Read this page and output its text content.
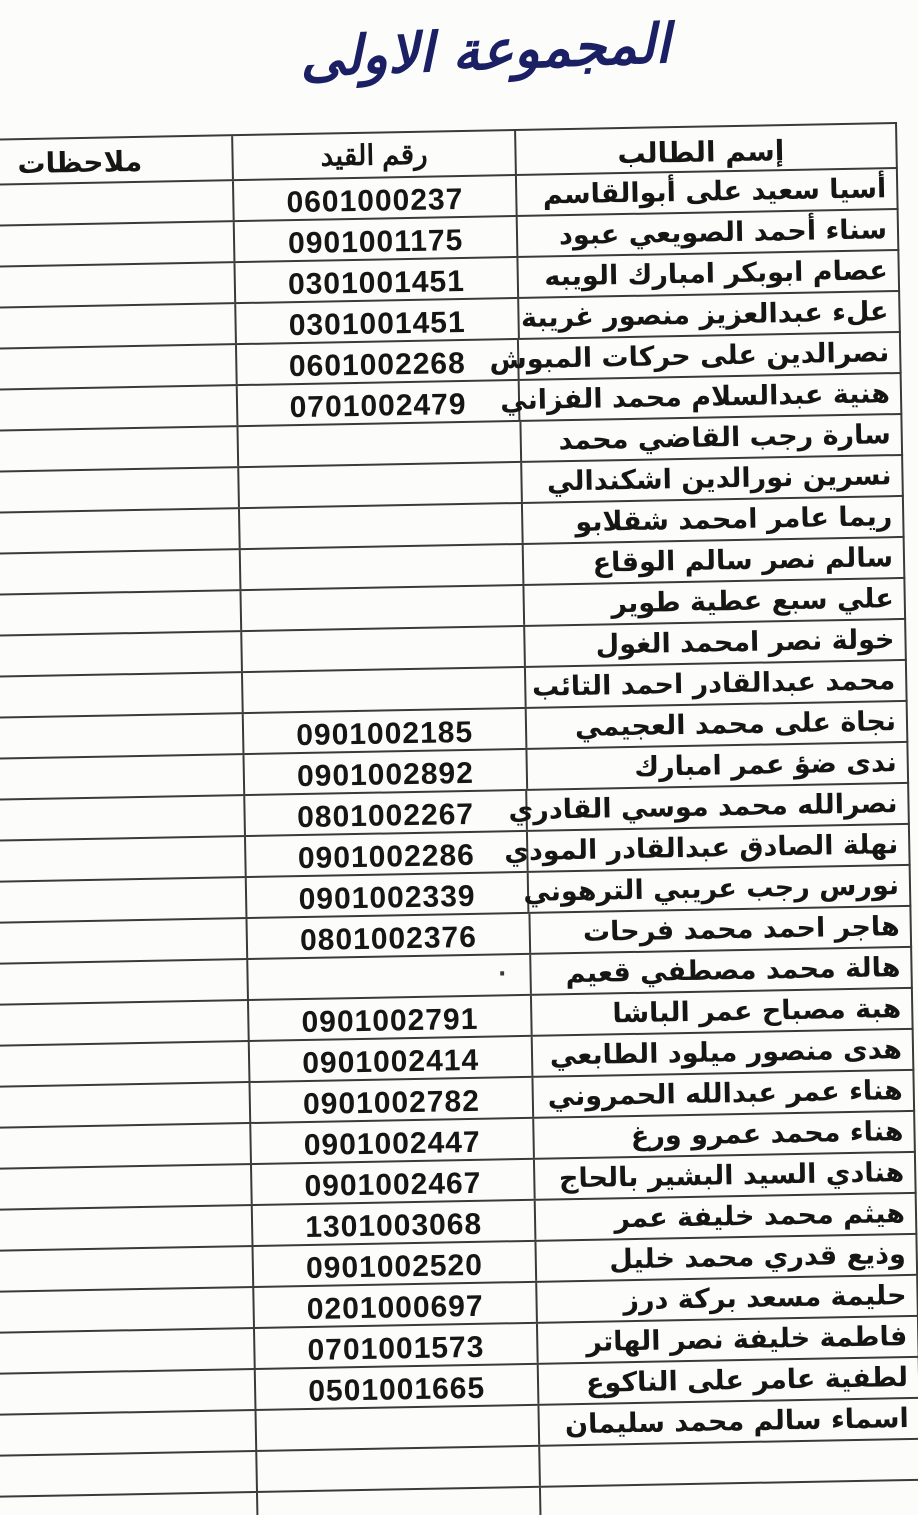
المجموعة الاولى
إسم الطالب
رقم القيد
ملاحظات
أسيا سعيد على أبوالقاسم
0601000237
سناء أحمد الصويعي عبود
0901001175
عصام ابوبكر امبارك الويبه
0301001451
علء عبدالعزيز منصور غريبة
0301001451
نصرالدين على حركات المبوش
0601002268
هنية عبدالسلام محمد الفزاني
0701002479
سارة رجب القاضي محمد
نسرين نورالدين اشكندالي
ريما عامر امحمد شقلابو
سالم نصر سالم الوقاع
علي سبع عطية طوير
خولة نصر امحمد الغول
محمد عبدالقادر احمد التائب
نجاة على محمد العجيمي
0901002185
ندى ضؤ عمر امبارك
0901002892
نصرالله محمد موسي القادري
0801002267
نهلة الصادق عبدالقادر المودي
0901002286
نورس رجب عريبي الترهوني
0901002339
هاجر احمد محمد فرحات
0801002376
هالة محمد مصطفي قعيم
هبة مصباح عمر الباشا
0901002791
هدى منصور ميلود الطابعي
0901002414
هناء عمر عبدالله الحمروني
0901002782
هناء محمد عمرو ورغ
0901002447
هنادي السيد البشير بالحاج
0901002467
هيثم محمد خليفة عمر
1301003068
وذيع قدري محمد خليل
0901002520
حليمة مسعد بركة درز
0201000697
فاطمة خليفة نصر الهاتر
0701001573
لطفية عامر على الناكوع
0501001665
اسماء سالم محمد سليمان
·
